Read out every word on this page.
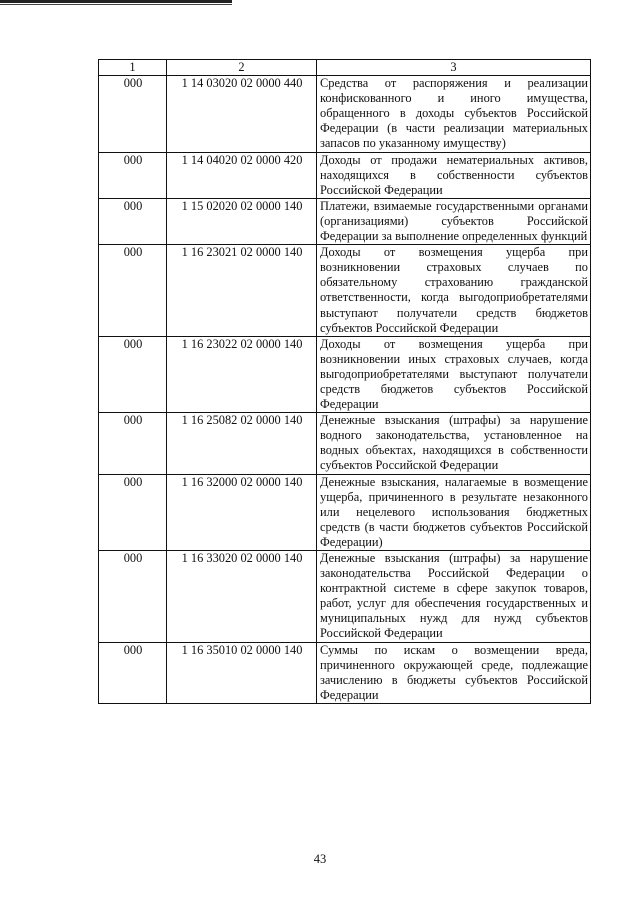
1	2	3
000	1 14 03020 02 0000 440	Средства от распоряжения и реализации конфискованного и иного имущества, обращенного в доходы субъектов Российской Федерации (в части реализации материальных запасов по указанному имуществу)
000	1 14 04020 02 0000 420	Доходы от продажи нематериальных активов, находящихся в собственности субъектов Российской Федерации
000	1 15 02020 02 0000 140	Платежи, взимаемые государственными органами (организациями) субъектов Российской Федерации за выполнение определенных функций
000	1 16 23021 02 0000 140	Доходы от возмещения ущерба при возникновении страховых случаев по обязательному страхованию гражданской ответственности, когда выгодоприобретателями выступают получатели средств бюджетов субъектов Российской Федерации
000	1 16 23022 02 0000 140	Доходы от возмещения ущерба при возникновении иных страховых случаев, когда выгодоприобретателями выступают получатели средств бюджетов субъектов Российской Федерации
000	1 16 25082 02 0000 140	Денежные взыскания (штрафы) за нарушение водного законодательства, установленное на водных объектах, находящихся в собственности субъектов Российской Федерации
000	1 16 32000 02 0000 140	Денежные взыскания, налагаемые в возмещение ущерба, причиненного в результате незаконного или нецелевого использования бюджетных средств (в части бюджетов субъектов Российской Федерации)
000	1 16 33020 02 0000 140	Денежные взыскания (штрафы) за нарушение законодательства Российской Федерации о контрактной системе в сфере закупок товаров, работ, услуг для обеспечения государственных и муниципальных нужд для нужд субъектов Российской Федерации
000	1 16 35010 02 0000 140	Суммы по искам о возмещении вреда, причиненного окружающей среде, подлежащие зачислению в бюджеты субъектов Российской Федерации
43
